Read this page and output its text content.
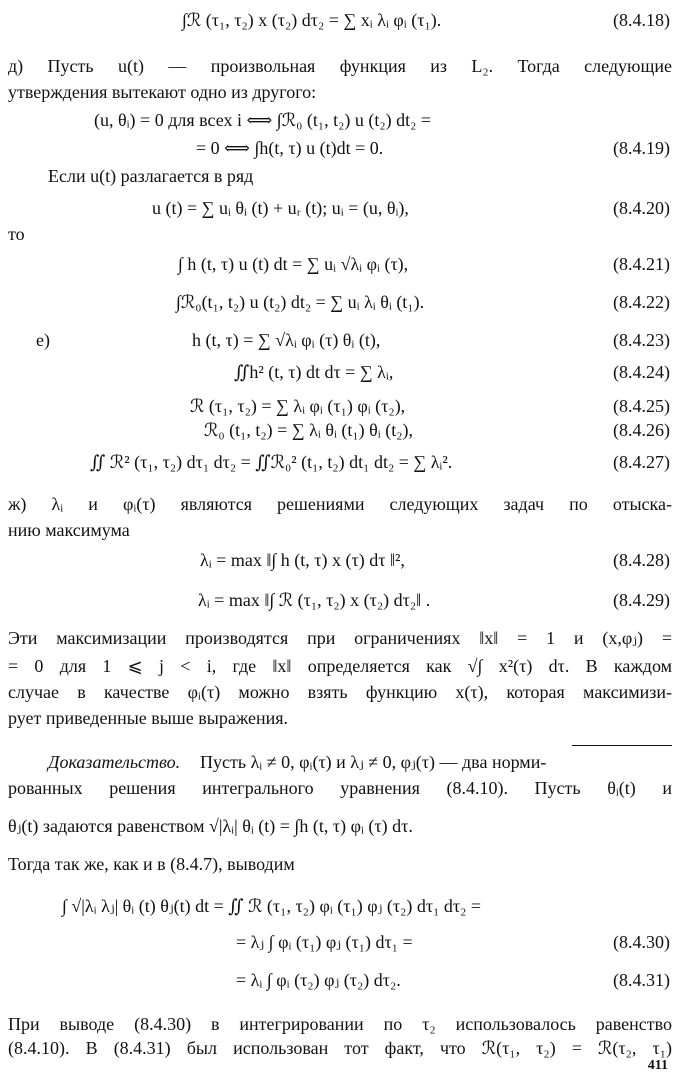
∫ℛ (τ₁, τ₂) x (τ₂) dτ₂ = ∑ xᵢ λᵢ φᵢ (τ₁).	(8.4.18)
д) Пусть u(t) — произвольная функция из L₂. Тогда следующие
утверждения вытекают одно из другого:
(u, θᵢ) = 0 для всех i ⟺ ∫ℛ₀ (t₁, t₂) u (t₂) dt₂ =
= 0 ⟺ ∫h(t, τ) u (t)dt = 0.	(8.4.19)
Если u(t) разлагается в ряд
u (t) = ∑ uᵢ θᵢ (t) + uᵣ (t); uᵢ = (u, θᵢ),	(8.4.20)
то
∫ h (t, τ) u (t) dt = ∑ uᵢ √λᵢ φᵢ (τ),	(8.4.21)
∫ℛ₀(t₁, t₂) u (t₂) dt₂ = ∑ uᵢ λᵢ θᵢ (t₁).	(8.4.22)
е)	h (t, τ) = ∑ √λᵢ φᵢ (τ) θᵢ (t),	(8.4.23)
∬h² (t, τ) dt dτ = ∑ λᵢ,	(8.4.24)
ℛ (τ₁, τ₂) = ∑ λᵢ φᵢ (τ₁) φᵢ (τ₂),	(8.4.25)
ℛ₀ (t₁, t₂) = ∑ λᵢ θᵢ (t₁) θᵢ (t₂),	(8.4.26)
∬ ℛ² (τ₁, τ₂) dτ₁ dτ₂ = ∬ℛ₀² (t₁, t₂) dt₁ dt₂ = ∑ λᵢ².	(8.4.27)
ж) λᵢ и φᵢ(τ) являются решениями следующих задач по отыска-
нию максимума
λᵢ = max ‖∫ h (t, τ) x (τ) dτ ‖²,	(8.4.28)
λᵢ = max ‖∫ ℛ (τ₁, τ₂) x (τ₂) dτ₂‖ .	(8.4.29)
Эти максимизации производятся при ограничениях ‖x‖ = 1 и (x,φⱼ) =
= 0 для 1 ⩽ j < i, где ‖x‖ определяется как √∫ x²(τ) dτ. В каждом
случае в качестве φᵢ(τ) можно взять функцию x(τ), которая максимизи-
рует приведенные выше выражения.
Доказательство. Пусть λᵢ ≠ 0, φᵢ(τ) и λⱼ ≠ 0, φⱼ(τ) — два норми-
рованных решения интегрального уравнения (8.4.10). Пусть θᵢ(t) и
θⱼ(t) задаются равенством √|λᵢ| θᵢ (t) = ∫h (t, τ) φᵢ (τ) dτ.
Тогда так же, как и в (8.4.7), выводим
∫ √|λᵢ λⱼ| θᵢ (t) θⱼ(t) dt = ∬ ℛ (τ₁, τ₂) φᵢ (τ₁) φⱼ (τ₂) dτ₁ dτ₂ =
= λⱼ ∫ φᵢ (τ₁) φⱼ (τ₁) dτ₁ =	(8.4.30)
= λᵢ ∫ φᵢ (τ₂) φⱼ (τ₂) dτ₂.	(8.4.31)
При выводе (8.4.30) в интегрировании по τ₂ использовалось равенство
(8.4.10). В (8.4.31) был использован тот факт, что ℛ(τ₁, τ₂) = ℛ(τ₂, τ₁)
411
